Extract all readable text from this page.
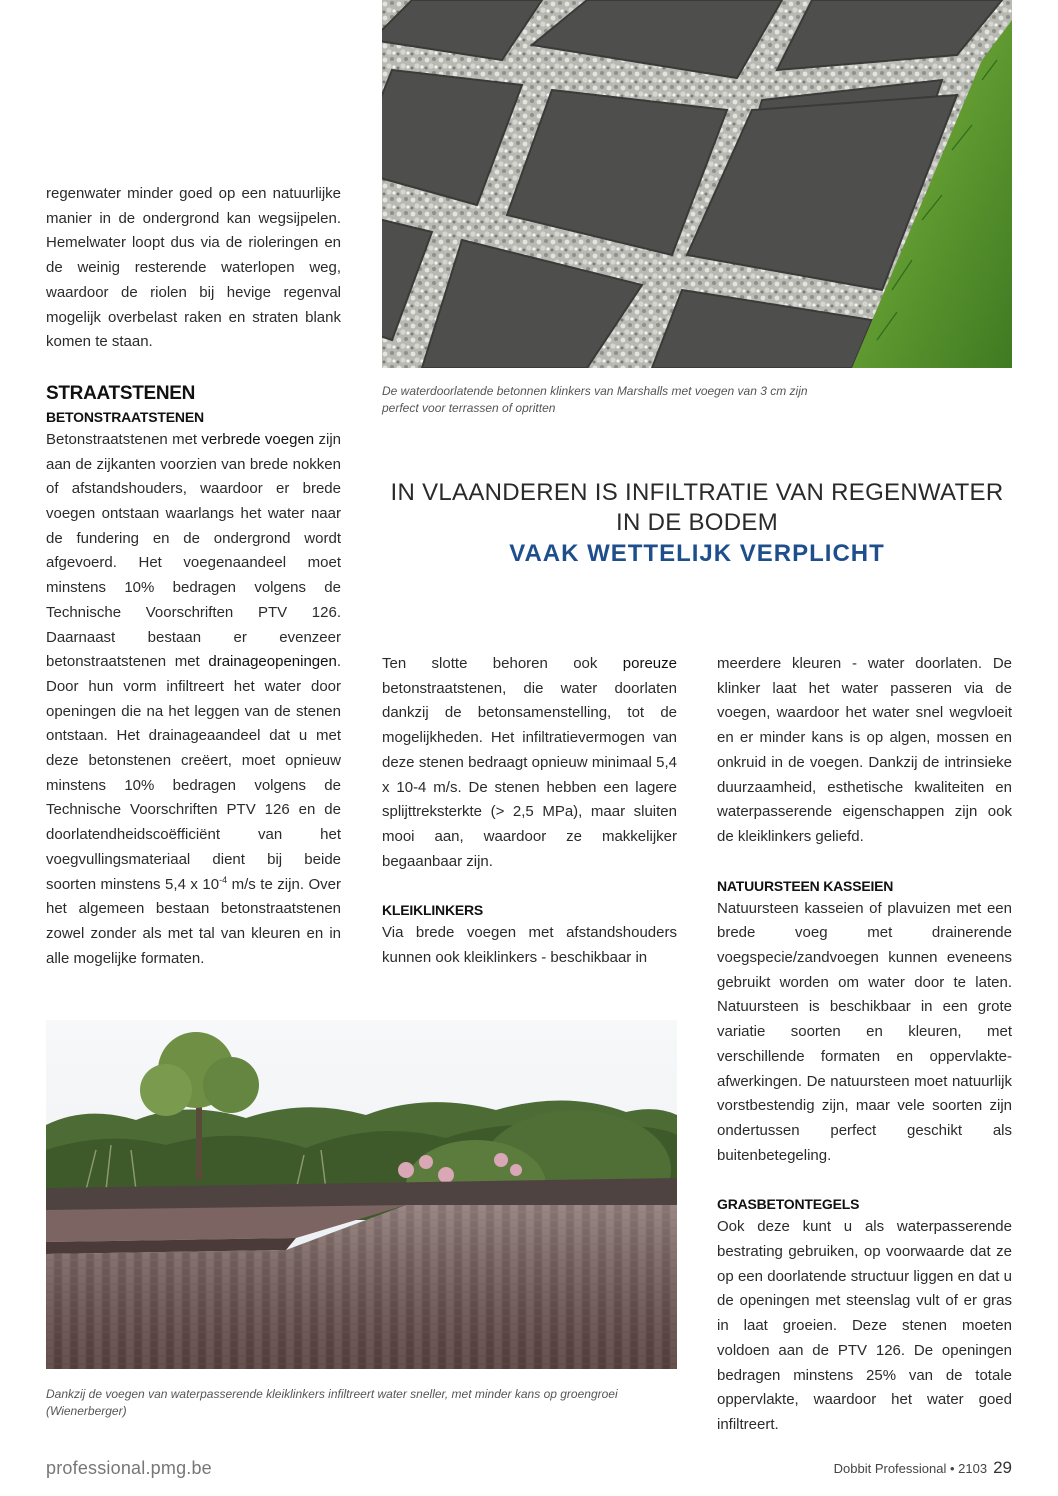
regenwater minder goed op een natuurlijke manier in de ondergrond kan wegsijpelen. Hemelwater loopt dus via de rioleringen en de weinig resterende waterlopen weg, waardoor de riolen bij hevige regenval mogelijk overbelast raken en straten blank komen te staan.

STRAATSTENEN

BETONSTRAATSTENEN

Betonstraatstenen met verbrede voegen zijn aan de zijkanten voorzien van brede nokken of afstandshouders, waardoor er brede voegen ontstaan waarlangs het water naar de fundering en de ondergrond wordt afgevoerd. Het voegenaandeel moet minstens 10% bedragen volgens de Technische Voorschriften PTV 126. Daarnaast bestaan er evenzeer betonstraatstenen met drainageopeningen. Door hun vorm infiltreert het water door openingen die na het leggen van de stenen ontstaan. Het drainageaandeel dat u met deze betonstenen creëert, moet opnieuw minstens 10% bedragen volgens de Technische Voorschriften PTV 126 en de doorlatendheidscoëfficiënt van het voegvullingsmateriaal dient bij beide soorten minstens 5,4 x $10^{-4}$ m/s te zijn. Over het algemeen bestaan betonstraatstenen zowel zonder als met tal van kleuren en in alle mogelijke formaten.

De waterdoorlatende betonnen klinkers van Marshalls met voegen van 3 cm zijn perfect voor terrassen of opritten
IN VLAANDEREN IS INFILTRATIE VAN REGENWATER
IN DE BODEM
VAAK WETTELIJK VERPLICHT

Ten slotte behoren ook poreuze betonstraatstenen, die water doorlaten dankzij de betonsamenstelling, tot de mogelijkheden. Het infiltratievermogen van deze stenen bedraagt opnieuw minimaal 5,4 x 10-4 m/s. De stenen hebben een lagere splijttreksterkte (> 2,5 MPa), maar sluiten mooi aan, waardoor ze makkelijker begaanbaar zijn.

KLEIKLINKERS

Via brede voegen met afstandshouders kunnen ook kleiklinkers - beschikbaar in

meerdere kleuren - water doorlaten. De klinker laat het water passeren via de voegen, waardoor het water snel wegvloeit en er minder kans is op algen, mossen en onkruid in de voegen. Dankzij de intrinsieke duurzaamheid, esthetische kwaliteiten en waterpasserende eigenschappen zijn ook de kleiklinkers geliefd.

NATUURSTEEN KASSEIEN

Natuursteen kasseien of plavuizen met een brede voeg met drainerende voegspecie/zandvoegen kunnen eveneens gebruikt worden om water door te laten. Natuursteen is beschikbaar in een grote variatie soorten en kleuren, met verschillende formaten en oppervlakte-afwerkingen. De natuursteen moet natuurlijk vorstbestendig zijn, maar vele soorten zijn ondertussen perfect geschikt als buitenbetegeling.

GRASBETONTEGELS

Ook deze kunt u als waterpasserende bestrating gebruiken, op voorwaarde dat ze op een doorlatende structuur liggen en dat u de openingen met steenslag vult of er gras in laat groeien. Deze stenen moeten voldoen aan de PTV 126. De openingen bedragen minstens 25% van de totale oppervlakte, waardoor het water goed infiltreert.

Dankzij de voegen van waterpasserende kleiklinkers infiltreert water sneller, met minder kans op groengroei (Wienerberger)
professional.pmg.be	Dobbit Professional • 2103 29
